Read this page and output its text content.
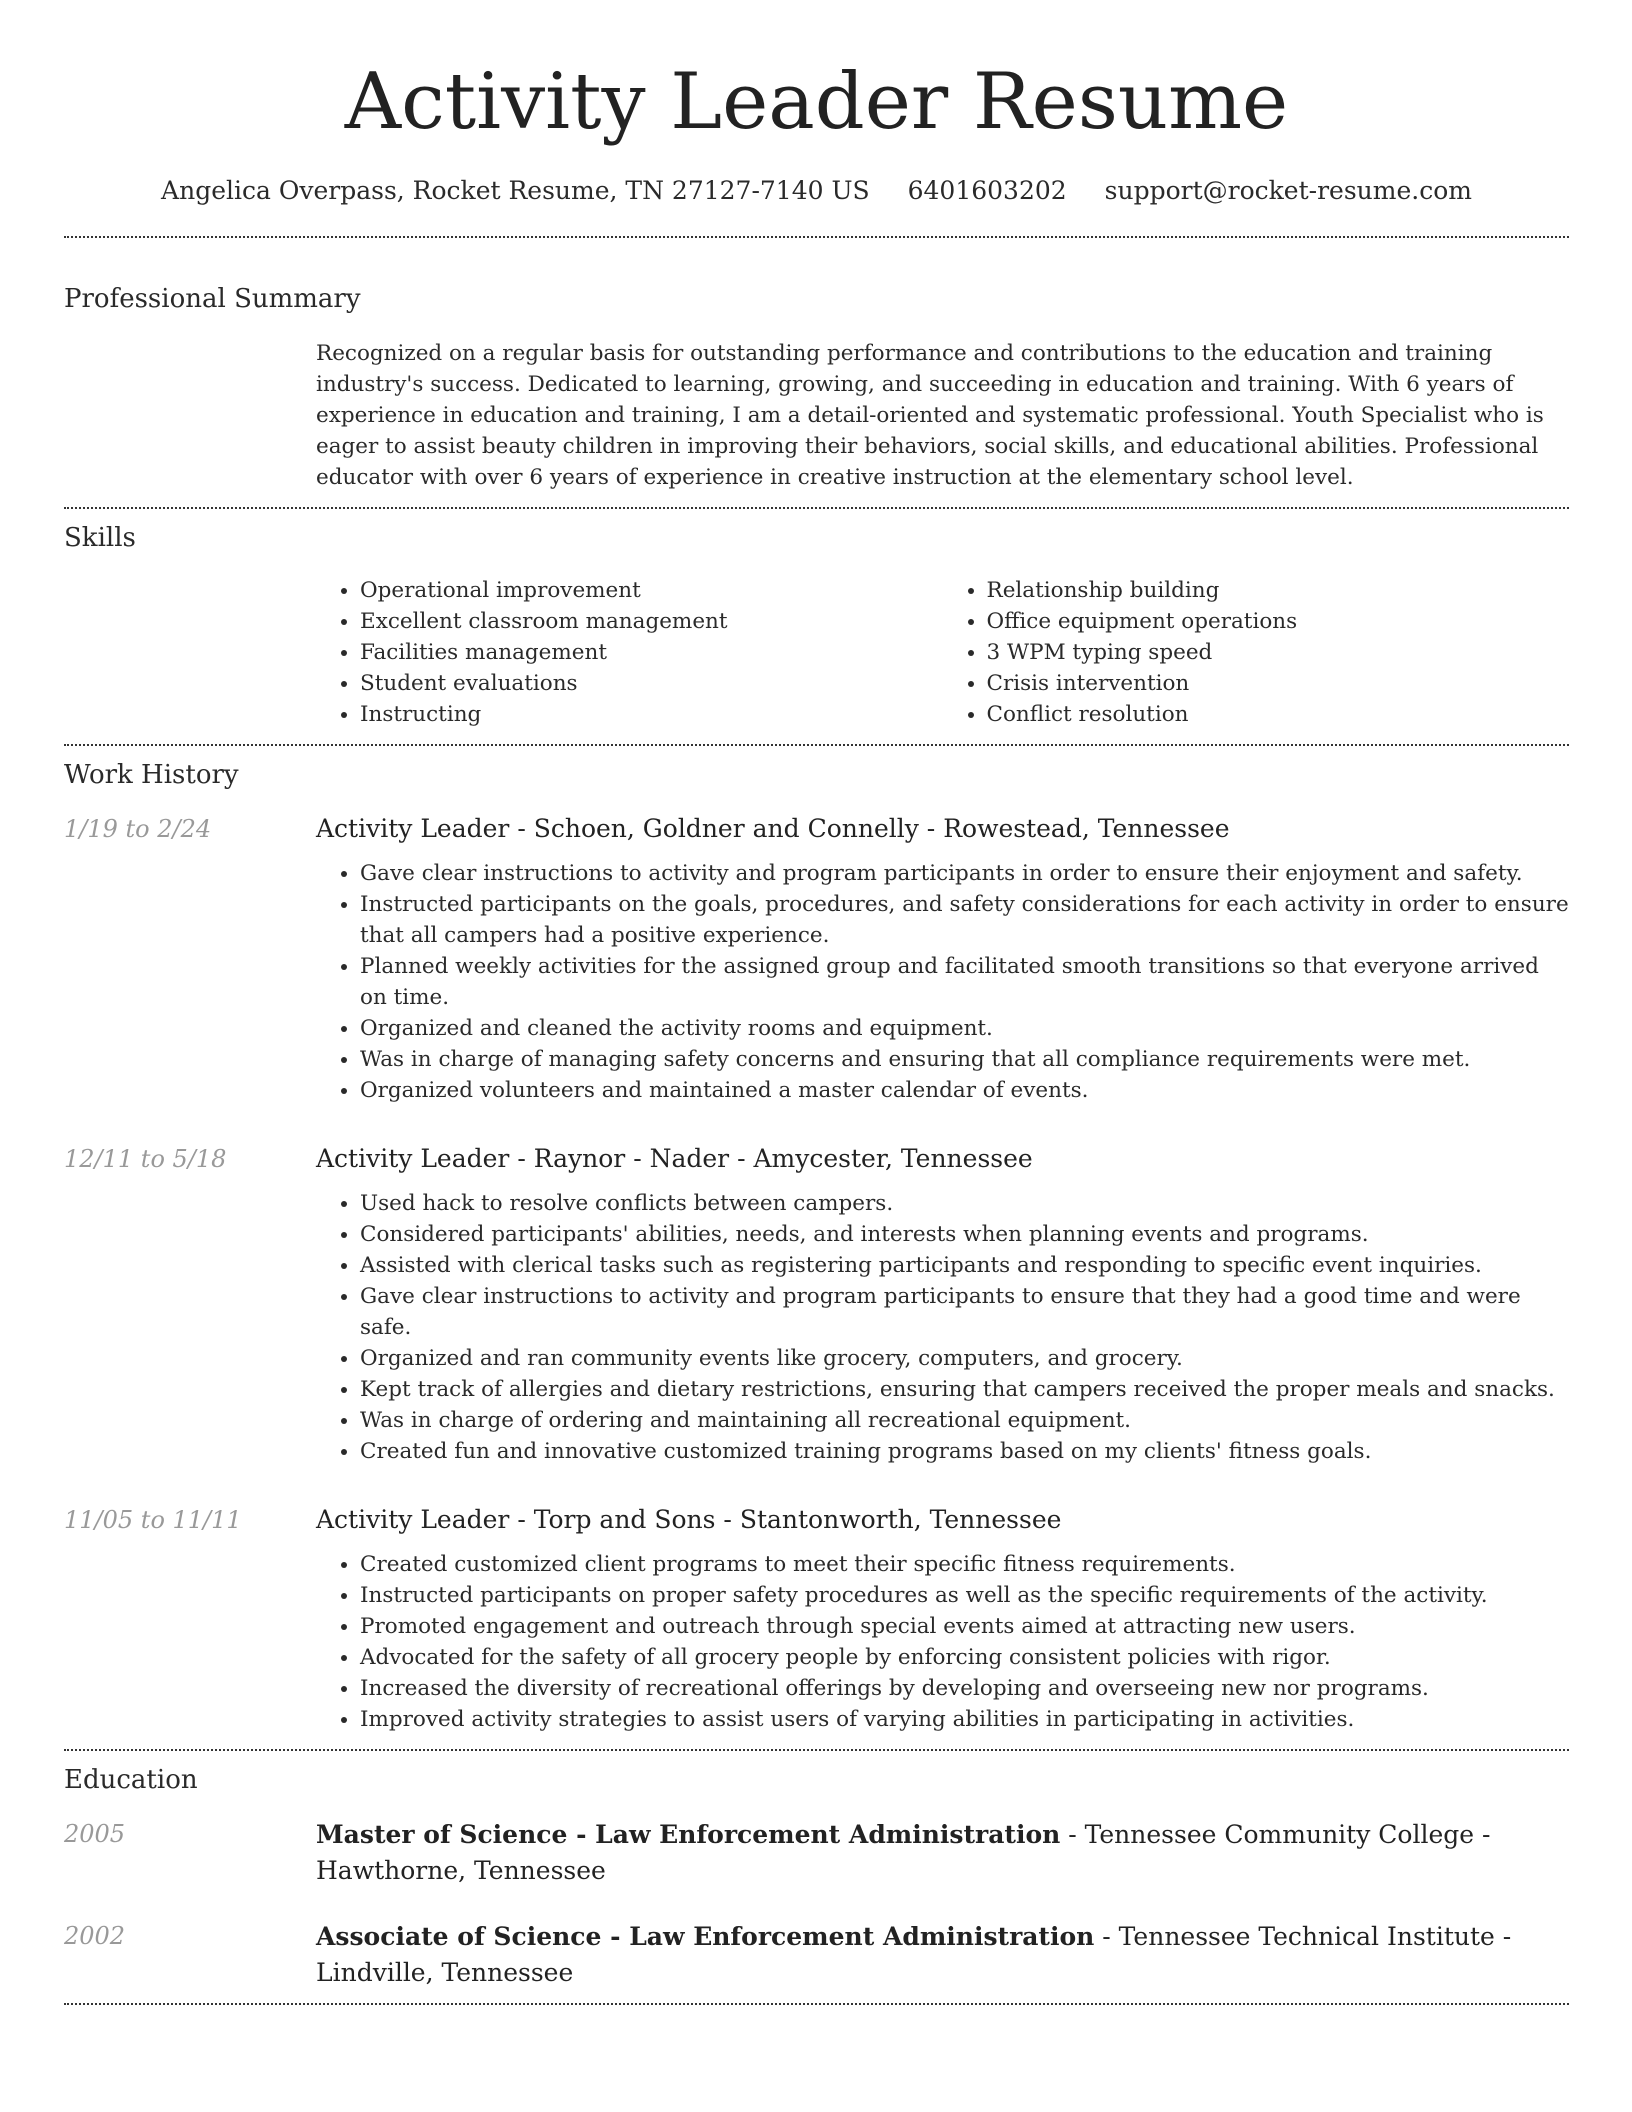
Activity Leader Resume
Angelica Overpass, Rocket Resume, TN 27127-7140 US 6401603202 support@rocket-resume.com
Professional Summary
Recognized on a regular basis for outstanding performance and contributions to the education and training industry's success. Dedicated to learning, growing, and succeeding in education and training. With 6 years of experience in education and training, I am a detail-oriented and systematic professional. Youth Specialist who is eager to assist beauty children in improving their behaviors, social skills, and educational abilities. Professional educator with over 6 years of experience in creative instruction at the elementary school level.
Skills
• Operational improvement
• Excellent classroom management
• Facilities management
• Student evaluations
• Instructing
• Relationship building
• Office equipment operations
• 3 WPM typing speed
• Crisis intervention
• Conflict resolution
Work History
1/19 to 2/24	Activity Leader - Schoen, Goldner and Connelly - Rowestead, Tennessee
• Gave clear instructions to activity and program participants in order to ensure their enjoyment and safety.
• Instructed participants on the goals, procedures, and safety considerations for each activity in order to ensure that all campers had a positive experience.
• Planned weekly activities for the assigned group and facilitated smooth transitions so that everyone arrived on time.
• Organized and cleaned the activity rooms and equipment.
• Was in charge of managing safety concerns and ensuring that all compliance requirements were met.
• Organized volunteers and maintained a master calendar of events.
12/11 to 5/18	Activity Leader - Raynor - Nader - Amycester, Tennessee
• Used hack to resolve conflicts between campers.
• Considered participants' abilities, needs, and interests when planning events and programs.
• Assisted with clerical tasks such as registering participants and responding to specific event inquiries.
• Gave clear instructions to activity and program participants to ensure that they had a good time and were safe.
• Organized and ran community events like grocery, computers, and grocery.
• Kept track of allergies and dietary restrictions, ensuring that campers received the proper meals and snacks.
• Was in charge of ordering and maintaining all recreational equipment.
• Created fun and innovative customized training programs based on my clients' fitness goals.
11/05 to 11/11	Activity Leader - Torp and Sons - Stantonworth, Tennessee
• Created customized client programs to meet their specific fitness requirements.
• Instructed participants on proper safety procedures as well as the specific requirements of the activity.
• Promoted engagement and outreach through special events aimed at attracting new users.
• Advocated for the safety of all grocery people by enforcing consistent policies with rigor.
• Increased the diversity of recreational offerings by developing and overseeing new nor programs.
• Improved activity strategies to assist users of varying abilities in participating in activities.
Education
2005	Master of Science - Law Enforcement Administration - Tennessee Community College - Hawthorne, Tennessee
2002	Associate of Science - Law Enforcement Administration - Tennessee Technical Institute - Lindville, Tennessee
